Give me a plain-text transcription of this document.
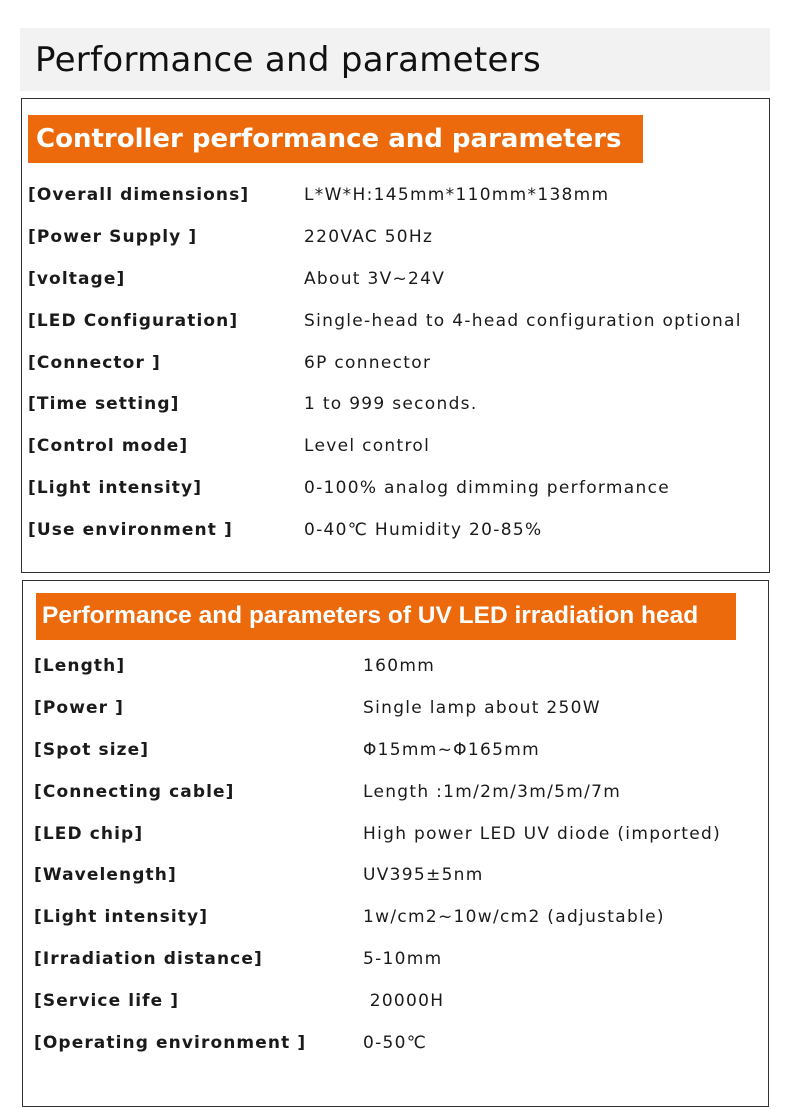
Performance and parameters
Controller performance and parameters
[Overall dimensions]	L*W*H:145mm*110mm*138mm
[Power Supply ]	220VAC 50Hz
[voltage]	About 3V~24V
[LED Configuration]	Single-head to 4-head configuration optional
[Connector ]	6P connector
[Time setting]	1 to 999 seconds.
[Control mode]	Level control
[Light intensity]	0-100% analog dimming performance
[Use environment ]	0-40℃ Humidity 20-85%
Performance and parameters of UV LED irradiation head
[Length]	160mm
[Power ]	Single lamp about 250W
[Spot size]	Φ15mm~Φ165mm
[Connecting cable]	Length :1m/2m/3m/5m/7m
[LED chip]	High power LED UV diode (imported)
[Wavelength]	UV395±5nm
[Light intensity]	1w/cm2~10w/cm2 (adjustable)
[Irradiation distance]	5-10mm
[Service life ]	20000H
[Operating environment ]	0-50℃
